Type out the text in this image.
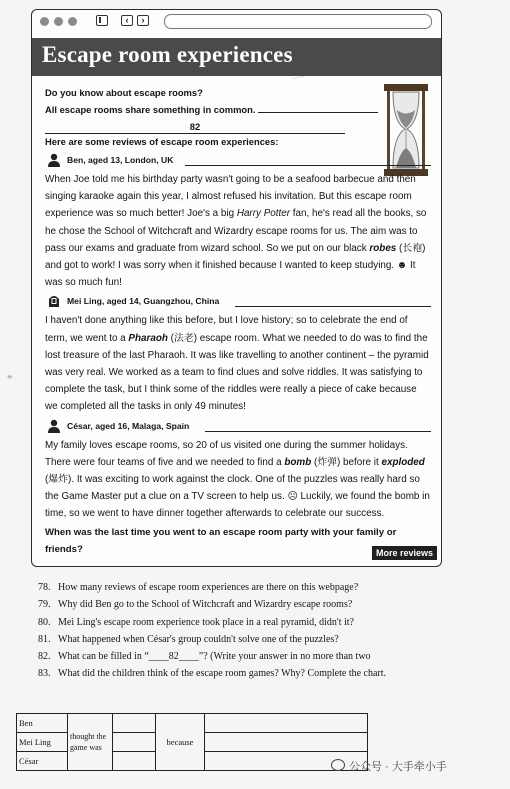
‹	›
Escape room experiences
Do you know about escape rooms?
All escape rooms share something in common.
82
Here are some reviews of escape room experiences:
Ben, aged 13, London, UK

When Joe told me his birthday party wasn't going to be a seafood barbecue and then singing karaoke again this year, I almost refused his invitation. But this escape room experience was so much better! Joe's a big Harry Potter fan, he's read all the books, so he chose the School of Witchcraft and Wizardry escape rooms for us. The aim was to pass our exams and graduate from wizard school. So we put on our black robes (长袍) and got to work! I was sorry when it finished because I wanted to keep studying. ☻ It was so much fun!

Mei Ling, aged 14, Guangzhou, China

I haven't done anything like this before, but I love history; so to celebrate the end of term, we went to a Pharaoh (法老) escape room. What we needed to do was to find the lost treasure of the last Pharaoh. It was like travelling to another continent – the pyramid was very real. We worked as a team to find clues and solve riddles. It was satisfying to complete the task, but I think some of the riddles were really a piece of cake because we completed all the tasks in only 49 minutes!

César, aged 16, Malaga, Spain

My family loves escape rooms, so 20 of us visited one during the summer holidays. There were four teams of five and we needed to find a bomb (炸弹) before it exploded (爆炸). It was exciting to work against the clock. One of the puzzles was really hard so the Game Master put a clue on a TV screen to help us. ☹ Luckily, we found the bomb in time, so we went to have dinner together afterwards to celebrate our success.

When was the last time you went to an escape room party with your family or friends?	More reviews
~~~
⌖
78. How many reviews of escape room experiences are there on this webpage?
79. Why did Ben go to the School of Witchcraft and Wizardry escape rooms?
80. Mei Ling's escape room experience took place in a real pyramid, didn't it?
81. What happened when César's group couldn't solve one of the puzzles?
82. What can be filled in “____82____”? (Write your answer in no more than two
83. What did the children think of the escape room games? Why? Complete the chart.
Ben	thought the game was		because	
Mei Ling				
César					公众号 · 大手牵小手
